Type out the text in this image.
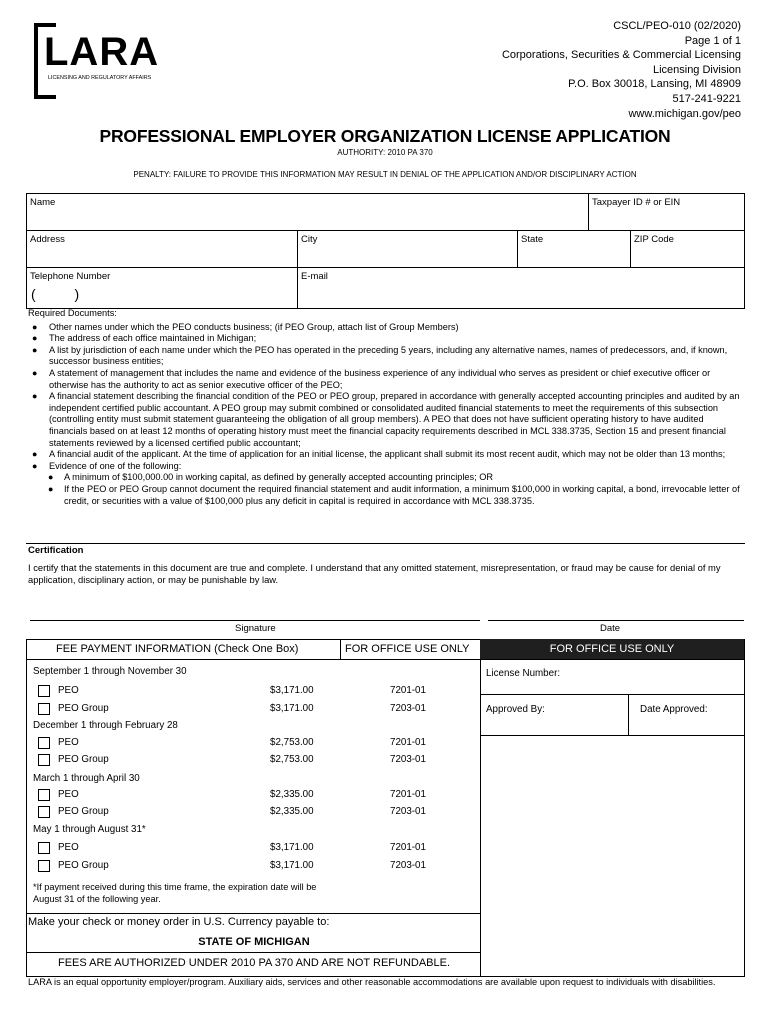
LARA
LICENSING AND REGULATORY AFFAIRS
CSCL/PEO-010 (02/2020)
Page 1 of 1
Corporations, Securities & Commercial Licensing
Licensing Division
P.O. Box 30018, Lansing, MI 48909
517-241-9221
www.michigan.gov/peo
PROFESSIONAL EMPLOYER ORGANIZATION LICENSE APPLICATION
AUTHORITY: 2010 PA 370
PENALTY: FAILURE TO PROVIDE THIS INFORMATION MAY RESULT IN DENIAL OF THE APPLICATION AND/OR DISCIPLINARY ACTION
Name	Taxpayer ID # or EIN
Address	City	State	ZIP Code
Telephone Number
(          )
E-mail
Required Documents:
● Other names under which the PEO conducts business; (if PEO Group, attach list of Group Members)
● The address of each office maintained in Michigan;
● A list by jurisdiction of each name under which the PEO has operated in the preceding 5 years, including any alternative names, names of predecessors, and, if known, successor business entities;
● A statement of management that includes the name and evidence of the business experience of any individual who serves as president or chief executive officer or otherwise has the authority to act as senior executive officer of the PEO;
● A financial statement describing the financial condition of the PEO or PEO group, prepared in accordance with generally accepted accounting principles and audited by an independent certified public accountant. A PEO group may submit combined or consolidated audited financial statements to meet the requirements of this subsection (controlling entity must submit statement guaranteeing the obligation of all group members). A PEO that does not have sufficient operating history to have audited financials based on at least 12 months of operating history must meet the financial capacity requirements described in MCL 338.3735, Section 15 and present financial statements reviewed by a licensed certified public accountant;
● A financial audit of the applicant. At the time of application for an initial license, the applicant shall submit its most recent audit, which may not be older than 13 months;
● Evidence of one of the following:
● A minimum of $100,000.00 in working capital, as defined by generally accepted accounting principles; OR
● If the PEO or PEO Group cannot document the required financial statement and audit information, a minimum $100,000 in working capital, a bond, irrevocable letter of credit, or securities with a value of $100,000 plus any deficit in capital is required in accordance with MCL 338.3735.
Certification
I certify that the statements in this document are true and complete. I understand that any omitted statement, misrepresentation, or fraud may be cause for denial of my application, disciplinary action, or may be punishable by law.
Signature	Date
FEE PAYMENT INFORMATION (Check One Box)	FOR OFFICE USE ONLY	FOR OFFICE USE ONLY
License Number:
Approved By:	Date Approved:
September 1 through November 30
PEO	$3,171.00	7201-01
PEO Group	$3,171.00	7203-01
December 1 through February 28
PEO	$2,753.00	7201-01
PEO Group	$2,753.00	7203-01
March 1 through April 30
PEO	$2,335.00	7201-01
PEO Group	$2,335.00	7203-01
May 1 through August 31*
PEO	$3,171.00	7201-01
PEO Group	$3,171.00	7203-01
*If payment received during this time frame, the expiration date will be August 31 of the following year.
Make your check or money order in U.S. Currency payable to:
STATE OF MICHIGAN
FEES ARE AUTHORIZED UNDER 2010 PA 370 AND ARE NOT REFUNDABLE.
LARA is an equal opportunity employer/program. Auxiliary aids, services and other reasonable accommodations are available upon request to individuals with disabilities.
